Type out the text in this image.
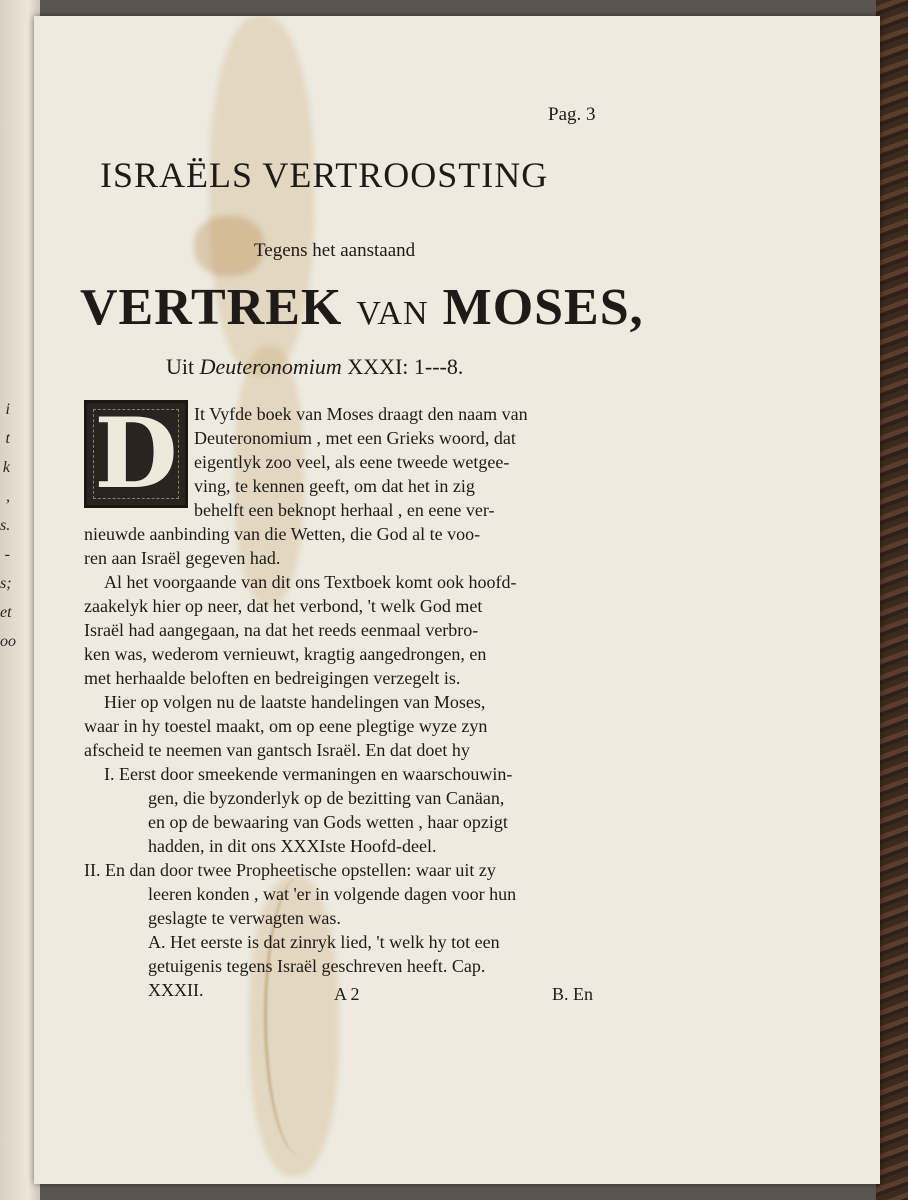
i
t
k
,
s.
-
s;
et
oo
Pag. 3
ISRAËLS VERTROOSTING
Tegens het aanstaand
VERTREK VAN MOSES,
Uit Deuteronomium XXXI: 1---8.
D It Vyfde boek van Moses draagt den naam van
Deuteronomium , met een Grieks woord, dat
eigentlyk zoo veel, als eene tweede wetgee-
ving, te kennen geeft, om dat het in zig
behelft een beknopt herhaal , en eene ver-
nieuwde aanbinding van die Wetten, die God al te voo-
ren aan Israël gegeven had.
Al het voorgaande van dit ons Textboek komt ook hoofd-
zaakelyk hier op neer, dat het verbond, 't welk God met
Israël had aangegaan, na dat het reeds eenmaal verbro-
ken was, wederom vernieuwt, kragtig aangedrongen, en
met herhaalde beloften en bedreigingen verzegelt is.
Hier op volgen nu de laatste handelingen van Moses,
waar in hy toestel maakt, om op eene plegtige wyze zyn
afscheid te neemen van gantsch Israël. En dat doet hy
I. Eerst door smeekende vermaningen en waarschouwin-
gen, die byzonderlyk op de bezitting van Canäan,
en op de bewaaring van Gods wetten , haar opzigt
hadden, in dit ons XXXIste Hoofd-deel.
II. En dan door twee Propheetische opstellen: waar uit zy
leeren konden , wat 'er in volgende dagen voor hun
geslagte te verwagten was.
A. Het eerste is dat zinryk lied, 't welk hy tot een
getuigenis tegens Israël geschreven heeft. Cap.
XXXII.	A 2	B. En
